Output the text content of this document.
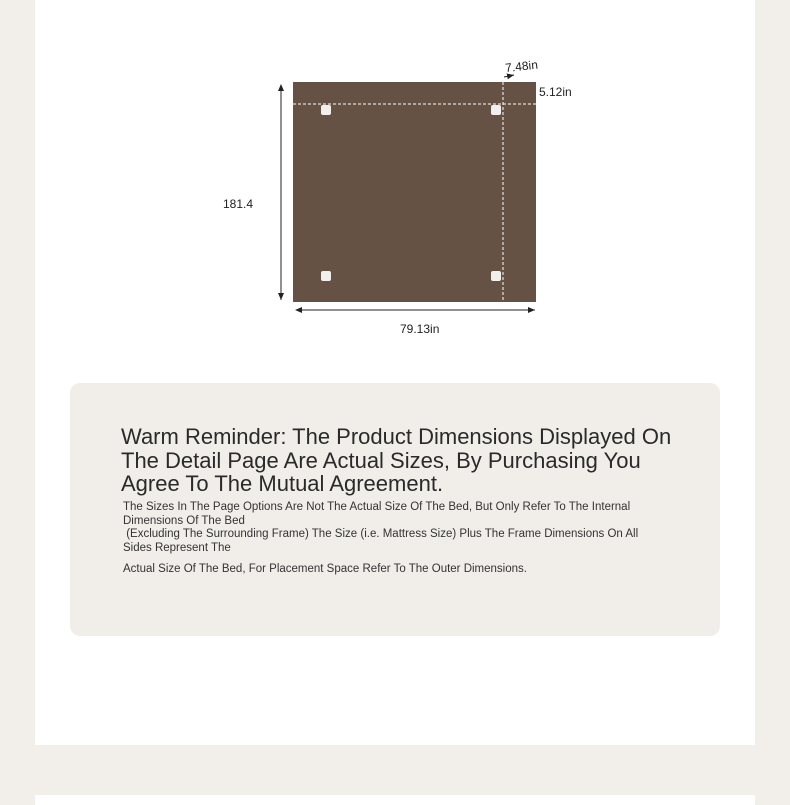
181.4
79.13in
7.48in
5.12in
Warm Reminder: The Product Dimensions Displayed On The Detail Page Are Actual Sizes, By Purchasing You Agree To The Mutual Agreement.
The Sizes In The Page Options Are Not The Actual Size Of The Bed, But Only Refer To The Internal Dimensions Of The Bed
(Excluding The Surrounding Frame) The Size (i.e. Mattress Size) Plus The Frame Dimensions On All Sides Represent The
Actual Size Of The Bed, For Placement Space Refer To The Outer Dimensions.
